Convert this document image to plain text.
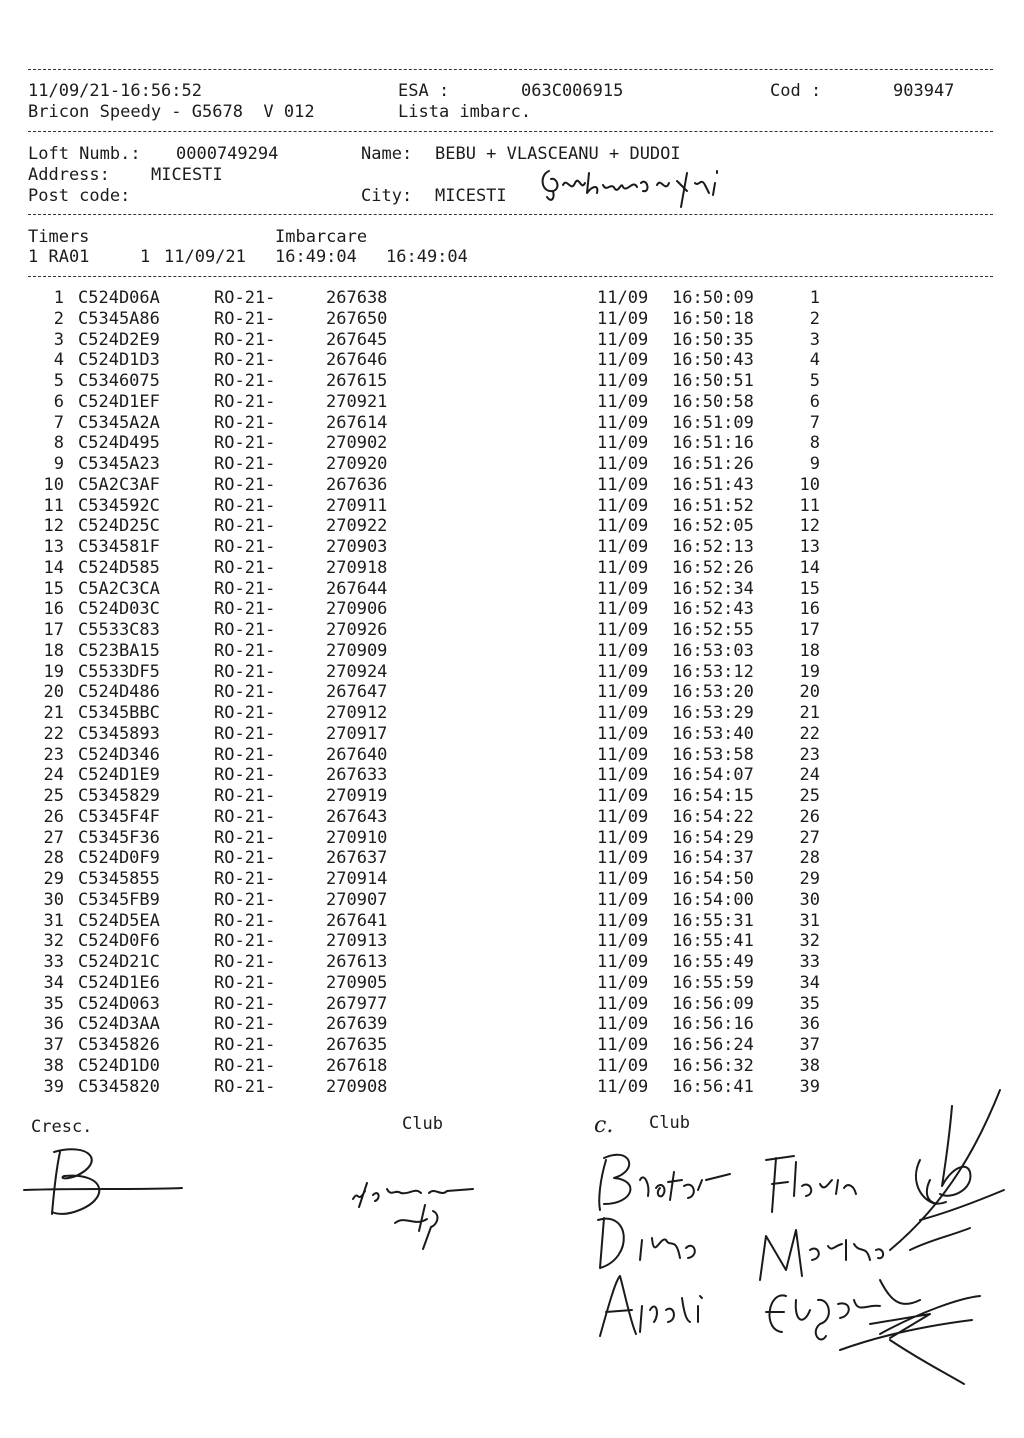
11/09/21-16:56:52	ESA :	063C006915	Cod :	903947
Bricon Speedy - G5678  V 012	Lista imbarc.
Loft Numb.: 0000749294	Name: BEBU + VLASCEANU + DUDOI
Address: MICESTI
Post code:	City: MICESTI
Timers	Imbarcare
1 RA01	1 11/09/21 16:49:04 16:49:04
1 C524D06A	RO-21-	267638	11/09 16:50:09	1
2 C5345A86	RO-21-	267650	11/09 16:50:18	2
3 C524D2E9	RO-21-	267645	11/09 16:50:35	3
4 C524D1D3	RO-21-	267646	11/09 16:50:43	4
5 C5346075	RO-21-	267615	11/09 16:50:51	5
6 C524D1EF	RO-21-	270921	11/09 16:50:58	6
7 C5345A2A	RO-21-	267614	11/09 16:51:09	7
8 C524D495	RO-21-	270902	11/09 16:51:16	8
9 C5345A23	RO-21-	270920	11/09 16:51:26	9
10 C5A2C3AF	RO-21-	267636	11/09 16:51:43	10
11 C534592C	RO-21-	270911	11/09 16:51:52	11
12 C524D25C	RO-21-	270922	11/09 16:52:05	12
13 C534581F	RO-21-	270903	11/09 16:52:13	13
14 C524D585	RO-21-	270918	11/09 16:52:26	14
15 C5A2C3CA	RO-21-	267644	11/09 16:52:34	15
16 C524D03C	RO-21-	270906	11/09 16:52:43	16
17 C5533C83	RO-21-	270926	11/09 16:52:55	17
18 C523BA15	RO-21-	270909	11/09 16:53:03	18
19 C5533DF5	RO-21-	270924	11/09 16:53:12	19
20 C524D486	RO-21-	267647	11/09 16:53:20	20
21 C5345BBC	RO-21-	270912	11/09 16:53:29	21
22 C5345893	RO-21-	270917	11/09 16:53:40	22
23 C524D346	RO-21-	267640	11/09 16:53:58	23
24 C524D1E9	RO-21-	267633	11/09 16:54:07	24
25 C5345829	RO-21-	270919	11/09 16:54:15	25
26 C5345F4F	RO-21-	267643	11/09 16:54:22	26
27 C5345F36	RO-21-	270910	11/09 16:54:29	27
28 C524D0F9	RO-21-	267637	11/09 16:54:37	28
29 C5345855	RO-21-	270914	11/09 16:54:50	29
30 C5345FB9	RO-21-	270907	11/09 16:54:00	30
31 C524D5EA	RO-21-	267641	11/09 16:55:31	31
32 C524D0F6	RO-21-	270913	11/09 16:55:41	32
33 C524D21C	RO-21-	267613	11/09 16:55:49	33
34 C524D1E6	RO-21-	270905	11/09 16:55:59	34
35 C524D063	RO-21-	267977	11/09 16:56:09	35
36 C524D3AA	RO-21-	267639	11/09 16:56:16	36
37 C5345826	RO-21-	267635	11/09 16:56:24	37
38 C524D1D0	RO-21-	267618	11/09 16:56:32	38
39 C5345820	RO-21-	270908	11/09 16:56:41	39
Cresc.	Club	c. Club
